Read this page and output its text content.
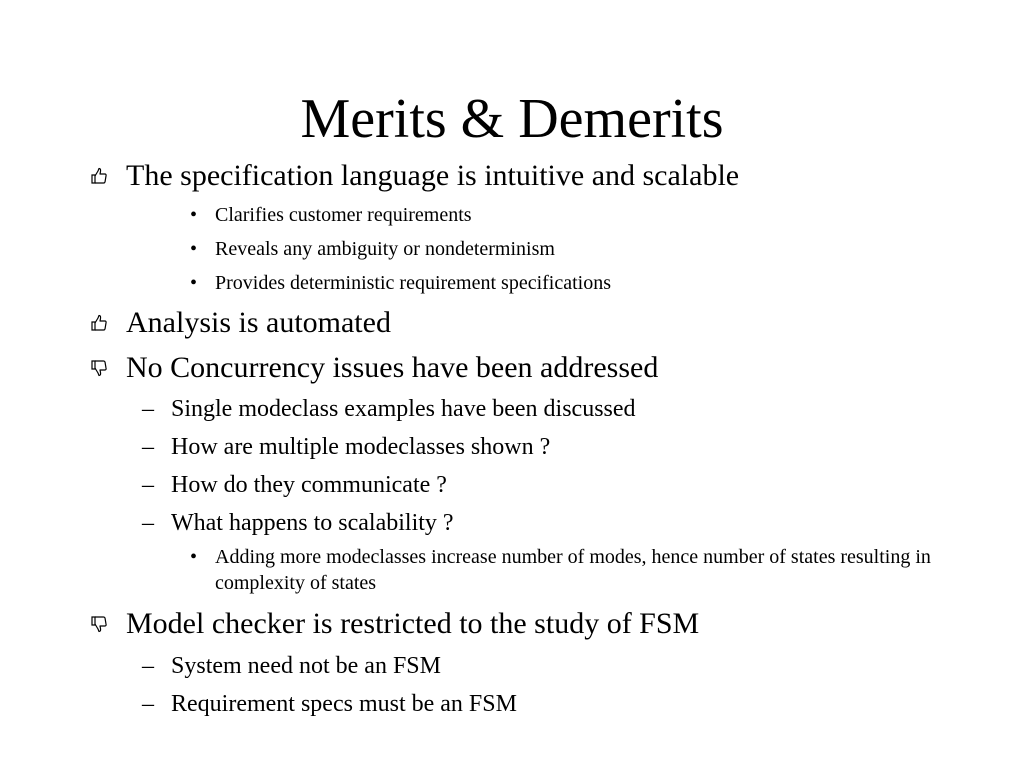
Merits & Demerits
The specification language is intuitive and scalable
• Clarifies customer requirements
• Reveals any ambiguity or nondeterminism
• Provides deterministic requirement specifications
Analysis is automated
No Concurrency issues have been addressed
– Single modeclass examples have been discussed
– How are multiple modeclasses shown ?
– How do they communicate ?
– What happens to scalability ?
• Adding more modeclasses increase number of modes, hence number of states resulting in complexity of states
Model checker is restricted to the study of FSM
– System need not be an FSM
– Requirement specs must be an FSM
